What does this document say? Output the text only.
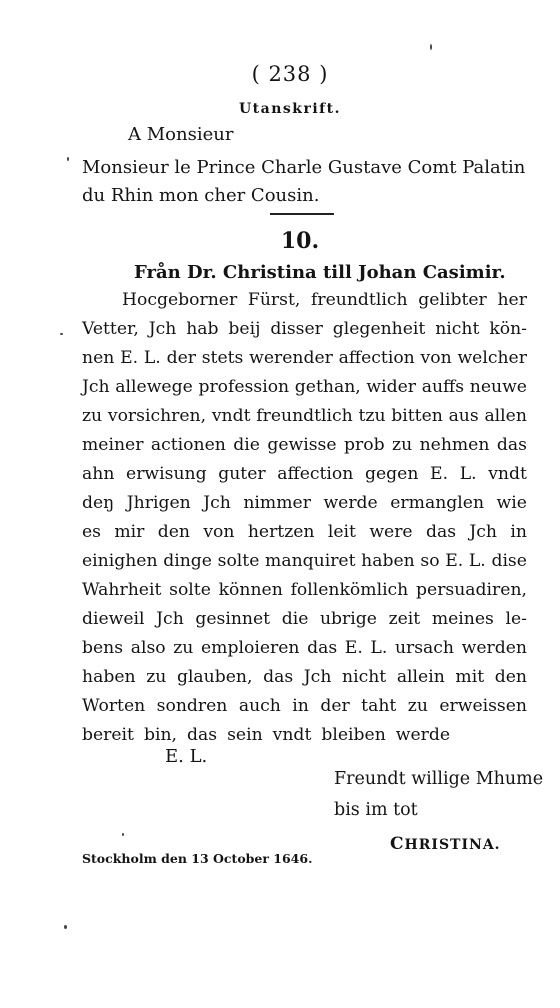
( 238 )
Utanskrift.
A Monsieur
Monsieur le Prince Charle Gustave Comt Palatin
du Rhin mon cher Cousin.
10.
Från Dr. Christina till Johan Casimir.
Hocgeborner Fürst, freundtlich gelibter her
Vetter, Jch hab beij disser glegenheit nicht kön-
nen E. L. der stets werender affection von welcher
Jch allewege profession gethan, wider auffs neuwe
zu vorsichren, vndt freundtlich tzu bitten aus allen
meiner actionen die gewisse prob zu nehmen das
ahn erwisung guter affection gegen E. L. vndt
deŋ Jhrigen Jch nimmer werde ermanglen wie
es mir den von hertzen leit were das Jch in
einighen dinge solte manquiret haben so E. L. dise
Wahrheit solte können follenkömlich persuadiren,
dieweil Jch gesinnet die ubrige zeit meines le-
bens also zu emploieren das E. L. ursach werden
haben zu glauben, das Jch nicht allein mit den
Worten sondren auch in der taht zu erweissen
bereit bin, das sein vndt bleiben werde
E. L.
Freundt willige Mhume
bis im tot
CHRISTINA.
Stockholm den 13 October 1646.
